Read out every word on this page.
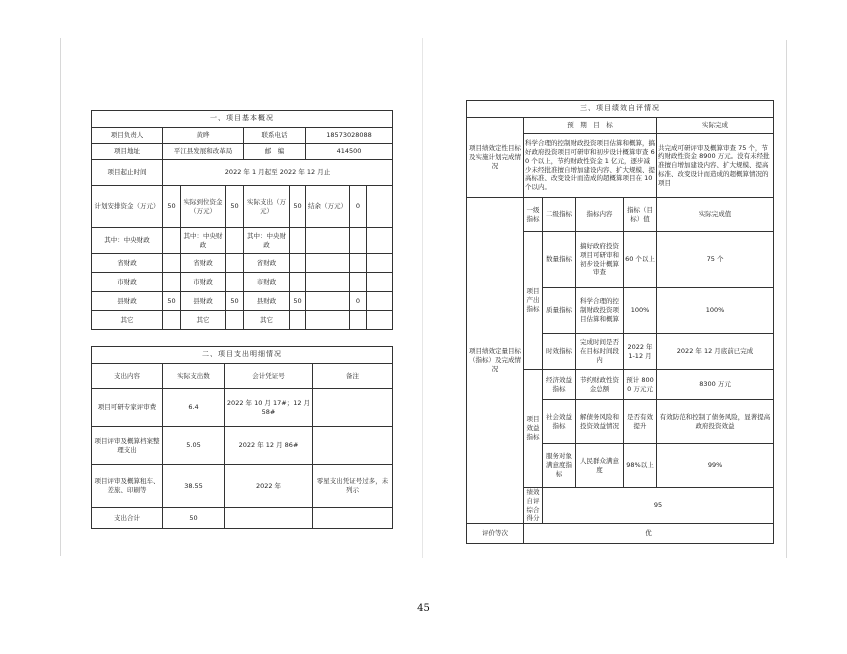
一、项目基本概况								
项目负责人	黄晔			联系电话		18573028088		
项目地址	平江县发展和改革局			邮　编		414500		
项目起止时间	2022 年 1 月起至 2022 年 12 月止							
计划安排资金（万元）	50	实际到位资金（万元）	50	实际支出（万元）	50	结余（万元）	0	
其中：中央财政		其中：中央财政		其中：中央财政				
省财政		省财政		省财政				
市财政		市财政		市财政				
县财政	50	县财政	50	县财政	50		0	
其它		其它		其它				
二、项目支出明细情况			
支出内容	实际支出数	会计凭证号	备注
项目可研专家评审费	6.4	2022 年 10 月 17#；12 月 58#	
项目评审及概算档案整理支出	5.05	2022 年 12 月 86#	
项目评审及概算租车、差旅、印刷等	38.55	2022 年	零星支出凭证号过多，未列示
支出合计	50		
三、项目绩效自评情况					
项目绩效定性目标及实施计划完成情况	预　期　目　标				实际完成
	科学合理的控制财政投资项目估算和概算，搞好政府投资项目可研审和初步设计概算审查 60 个以上，节约财政性资金 1 亿元，逐步减少未经批准擅自增加建设内容、扩大规模、提高标准、改变设计而造成的超概算项目在 10 个以内。				共完成可研评审及概算审查 75 个，节约财政性资金 8900 万元。没有未经批准擅自增加建设内容、扩大规模、提高标准、改变设计而造成的超概算情况的项目
项目绩效定量目标（指标）及完成情况	一级指标	二级指标	指标内容	指标（目标）值	实际完成值
	项目产出指标	数量指标	搞好政府投资项目可研审和初步设计概算审查	60 个以上	75 个
		质量指标	科学合理的控制财政投资项目估算和概算	100%	100%
		时效指标	完成时间是否在目标时间段内	2022 年 1-12 月	2022 年 12 月底前已完成
	项目效益指标	经济效益指标	节约财政性资金总额	预计 8000 万元元	8300 万元
		社会效益指标	解债务风险和投资效益情况	是否有效提升	有效防范和控制了债务风险，显著提高政府投资效益
		服务对象满意度指标	人民群众满意度	98%以上	99%
	绩效自评综合得分	95			
评价等次	优				
45
